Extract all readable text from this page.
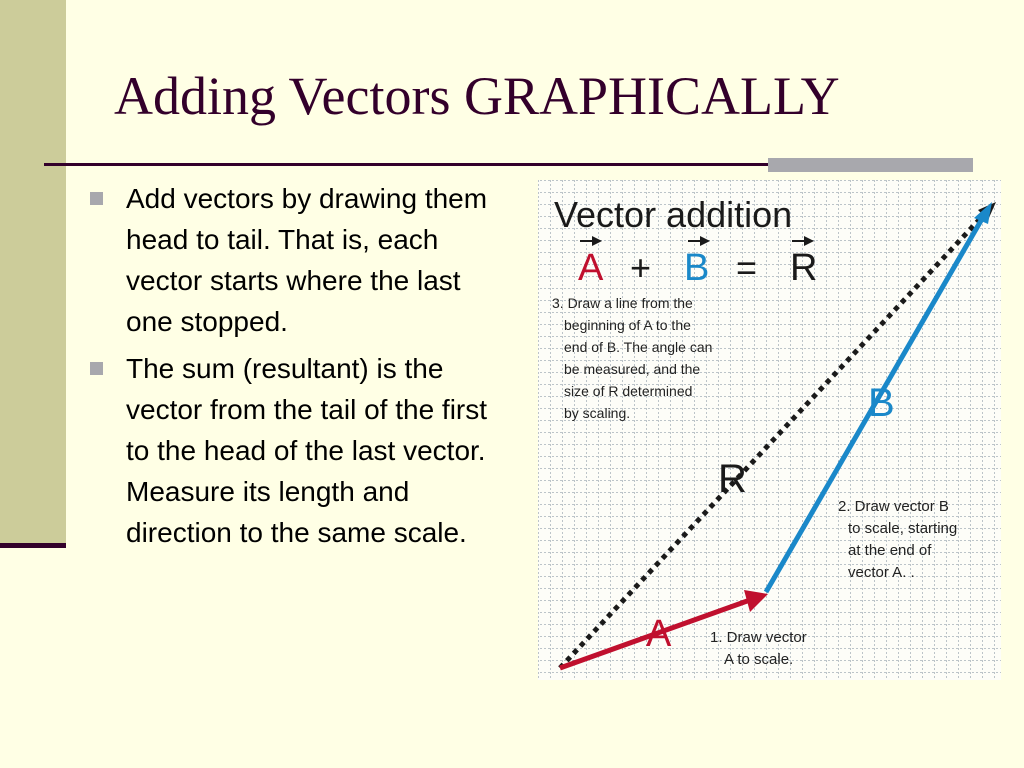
Adding Vectors GRAPHICALLY
Add vectors by drawing them head to tail. That is, each vector starts where the last one stopped.
The sum (resultant) is the vector from the tail of the first to the head of the last vector. Measure its length and direction to the same scale.
Vector addition
A + B = R
3. Draw a line from the
beginning of A to the
end of B. The angle can
be measured, and the
size of R determined
by scaling.	B
R
A
2. Draw vector B
to scale, starting
at the end of
vector A. .
1. Draw vector
A to scale.
